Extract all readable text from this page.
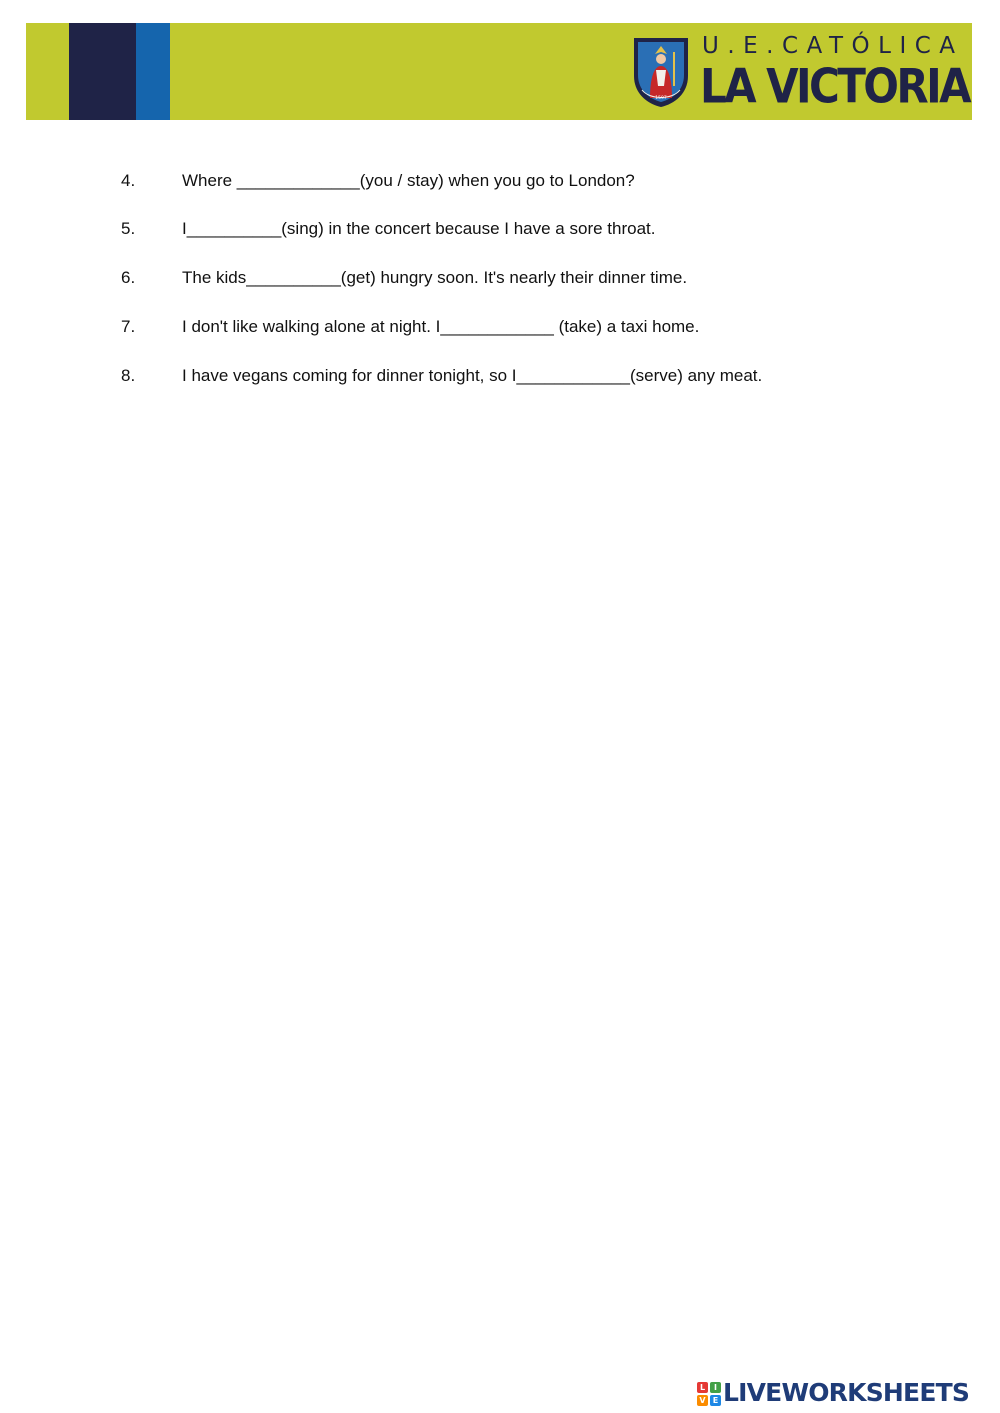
1597
U.E.CATÓLICA
LA VICTORIA
4.	Where _____________(you / stay) when you go to London?
5.	I__________(sing) in the concert because I have a sore throat.
6.	The kids__________(get) hungry soon. It's nearly their dinner time.
7.	I don't like walking alone at night. I____________ (take) a taxi home.
8.	I have vegans coming for dinner tonight, so I____________(serve) any meat.
L	I
V E LIVEWORKSHEETS
